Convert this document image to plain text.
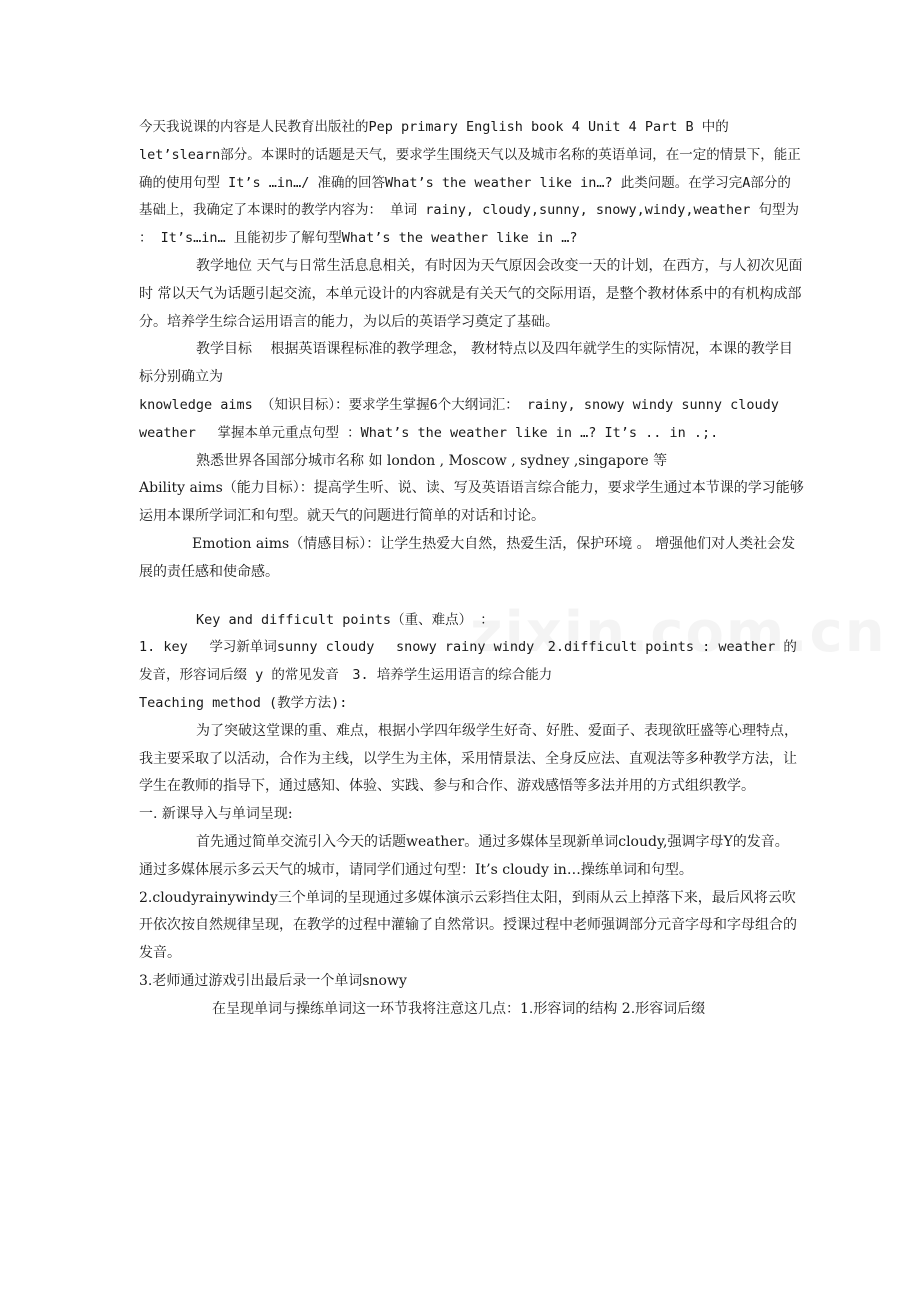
今天我说课的内容是人民教育出版社的Pep primary English book 4 Unit 4 Part B 中的let’slearn部分。本课时的话题是天气，要求学生围绕天气以及城市名称的英语单词，在一定的情景下，能正确的使用句型 It’s …in…/ 准确的回答What’s the weather like in…? 此类问题。在学习完A部分的基础上，我确定了本课时的教学内容为： 单词 rainy, cloudy,sunny, snowy,windy,weather 句型为 ： It’s…in… 且能初步了解句型What’s the weather like in …?

教学地位 天气与日常生活息息相关，有时因为天气原因会改变一天的计划，在西方，与人初次见面时 常以天气为话题引起交流，本单元设计的内容就是有关天气的交际用语，是整个教材体系中的有机构成部分。培养学生综合运用语言的能力，为以后的英语学习奠定了基础。

教学目标　 根据英语课程标准的教学理念， 教材特点以及四年就学生的实际情况，本课的教学目标分别确立为

knowledge aims （知识目标）：要求学生掌握6个大纲词汇： rainy, snowy windy sunny cloudy weather　 掌握本单元重点句型 ：What’s the weather like in …? It’s .. in .;.

熟悉世界各国部分城市名称 如 london , Moscow , sydney ,singapore 等

Ability aims（能力目标）：提高学生听、说、读、写及英语语言综合能力，要求学生通过本节课的学习能够运用本课所学词汇和句型。就天气的问题进行简单的对话和讨论。

Emotion aims（情感目标）：让学生热爱大自然，热爱生活，保护环境 。 增强他们对人类社会发展的责任感和使命感。

Key and difficult points（重、难点） ：

1. key　 学习新单词sunny cloudy　 snowy rainy windy　2.difficult points : weather 的发音，形容词后缀 y 的常见发音　3. 培养学生运用语言的综合能力

Teaching method (教学方法):

为了突破这堂课的重、难点，根据小学四年级学生好奇、好胜、爱面子、表现欲旺盛等心理特点，我主要采取了以活动，合作为主线，以学生为主体，采用情景法、全身反应法、直观法等多种教学方法，让学生在教师的指导下，通过感知、体验、实践、参与和合作、游戏感悟等多法并用的方式组织教学。

一. 新课导入与单词呈现:

首先通过简单交流引入今天的话题weather。通过多媒体呈现新单词cloudy,强调字母Y的发音。 通过多媒体展示多云天气的城市，请同学们通过句型：It’s cloudy in…操练单词和句型。

2.cloudyrainywindy三个单词的呈现通过多媒体演示云彩挡住太阳，到雨从云上掉落下来，最后风将云吹开依次按自然规律呈现，在教学的过程中灌输了自然常识。授课过程中老师强调部分元音字母和字母组合的发音。

3.老师通过游戏引出最后录一个单词snowy

在呈现单词与操练单词这一环节我将注意这几点：1.形容词的结构 2.形容词后缀
